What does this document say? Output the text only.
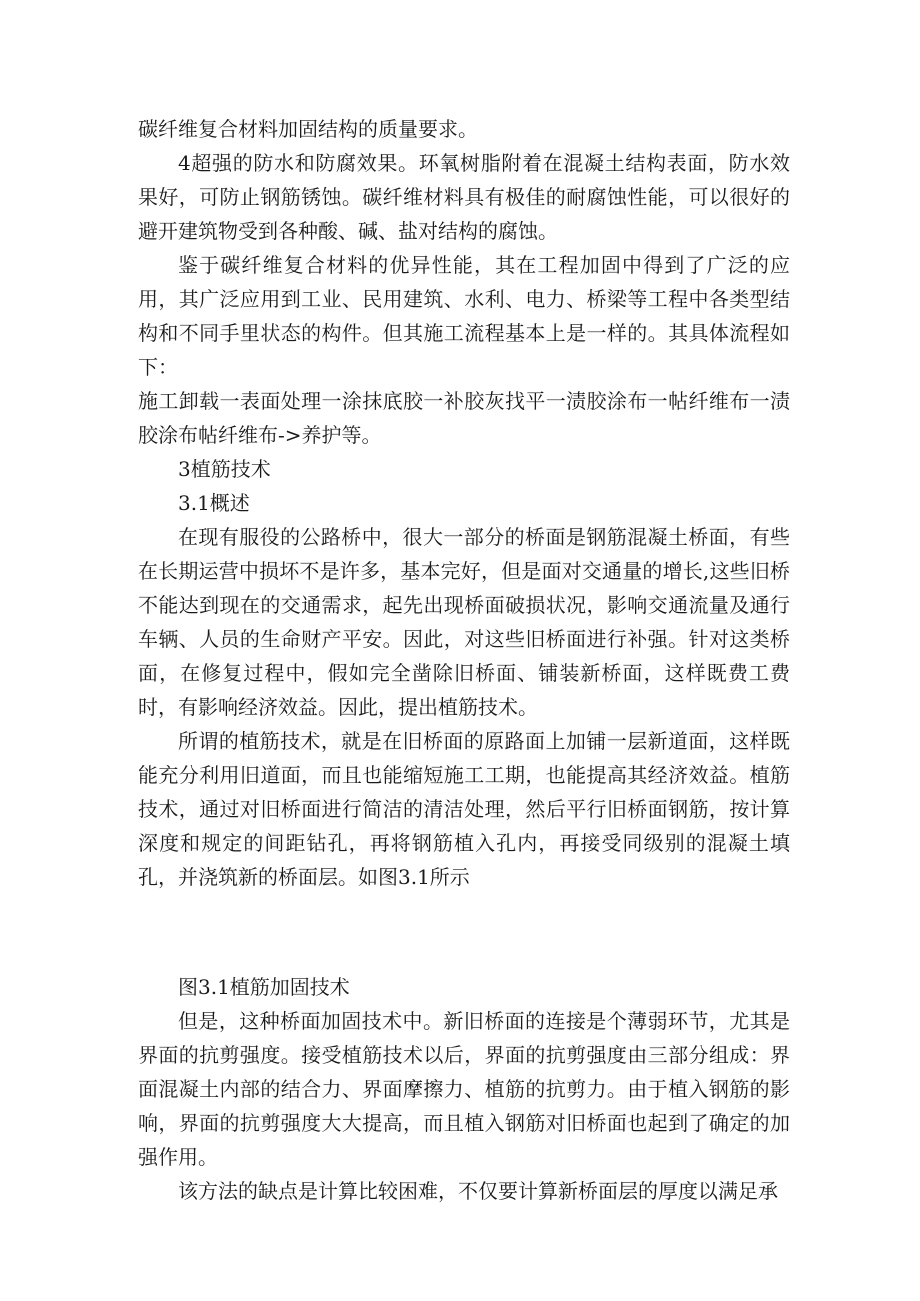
碳纤维复合材料加固结构的质量要求。

4超强的防水和防腐效果。环氧树脂附着在混凝土结构表面，防水效果好，可防止钢筋锈蚀。碳纤维材料具有极佳的耐腐蚀性能，可以很好的避开建筑物受到各种酸、碱、盐对结构的腐蚀。

鉴于碳纤维复合材料的优异性能，其在工程加固中得到了广泛的应用，其广泛应用到工业、民用建筑、水利、电力、桥梁等工程中各类型结构和不同手里状态的构件。但其施工流程基本上是一样的。其具体流程如下：

施工卸载一表面处理一涂抹底胶一补胶灰找平一渍胶涂布一帖纤维布一渍胶涂布帖纤维布->养护等。

3植筋技术

3.1概述

在现有服役的公路桥中，很大一部分的桥面是钢筋混凝土桥面，有些在长期运营中损坏不是许多，基本完好，但是面对交通量的增长,这些旧桥不能达到现在的交通需求，起先出现桥面破损状况，影响交通流量及通行车辆、人员的生命财产平安。因此，对这些旧桥面进行补强。针对这类桥面，在修复过程中，假如完全凿除旧桥面、铺装新桥面，这样既费工费时，有影响经济效益。因此，提出植筋技术。

所谓的植筋技术，就是在旧桥面的原路面上加铺一层新道面，这样既能充分利用旧道面，而且也能缩短施工工期，也能提高其经济效益。植筋技术，通过对旧桥面进行简洁的清洁处理，然后平行旧桥面钢筋，按计算深度和规定的间距钻孔，再将钢筋植入孔内，再接受同级别的混凝土填孔，并浇筑新的桥面层。如图3.1所示

图3.1植筋加固技术

但是，这种桥面加固技术中。新旧桥面的连接是个薄弱环节，尤其是界面的抗剪强度。接受植筋技术以后，界面的抗剪强度由三部分组成：界面混凝土内部的结合力、界面摩擦力、植筋的抗剪力。由于植入钢筋的影响，界面的抗剪强度大大提高，而且植入钢筋对旧桥面也起到了确定的加强作用。

该方法的缺点是计算比较困难，不仅要计算新桥面层的厚度以满足承
